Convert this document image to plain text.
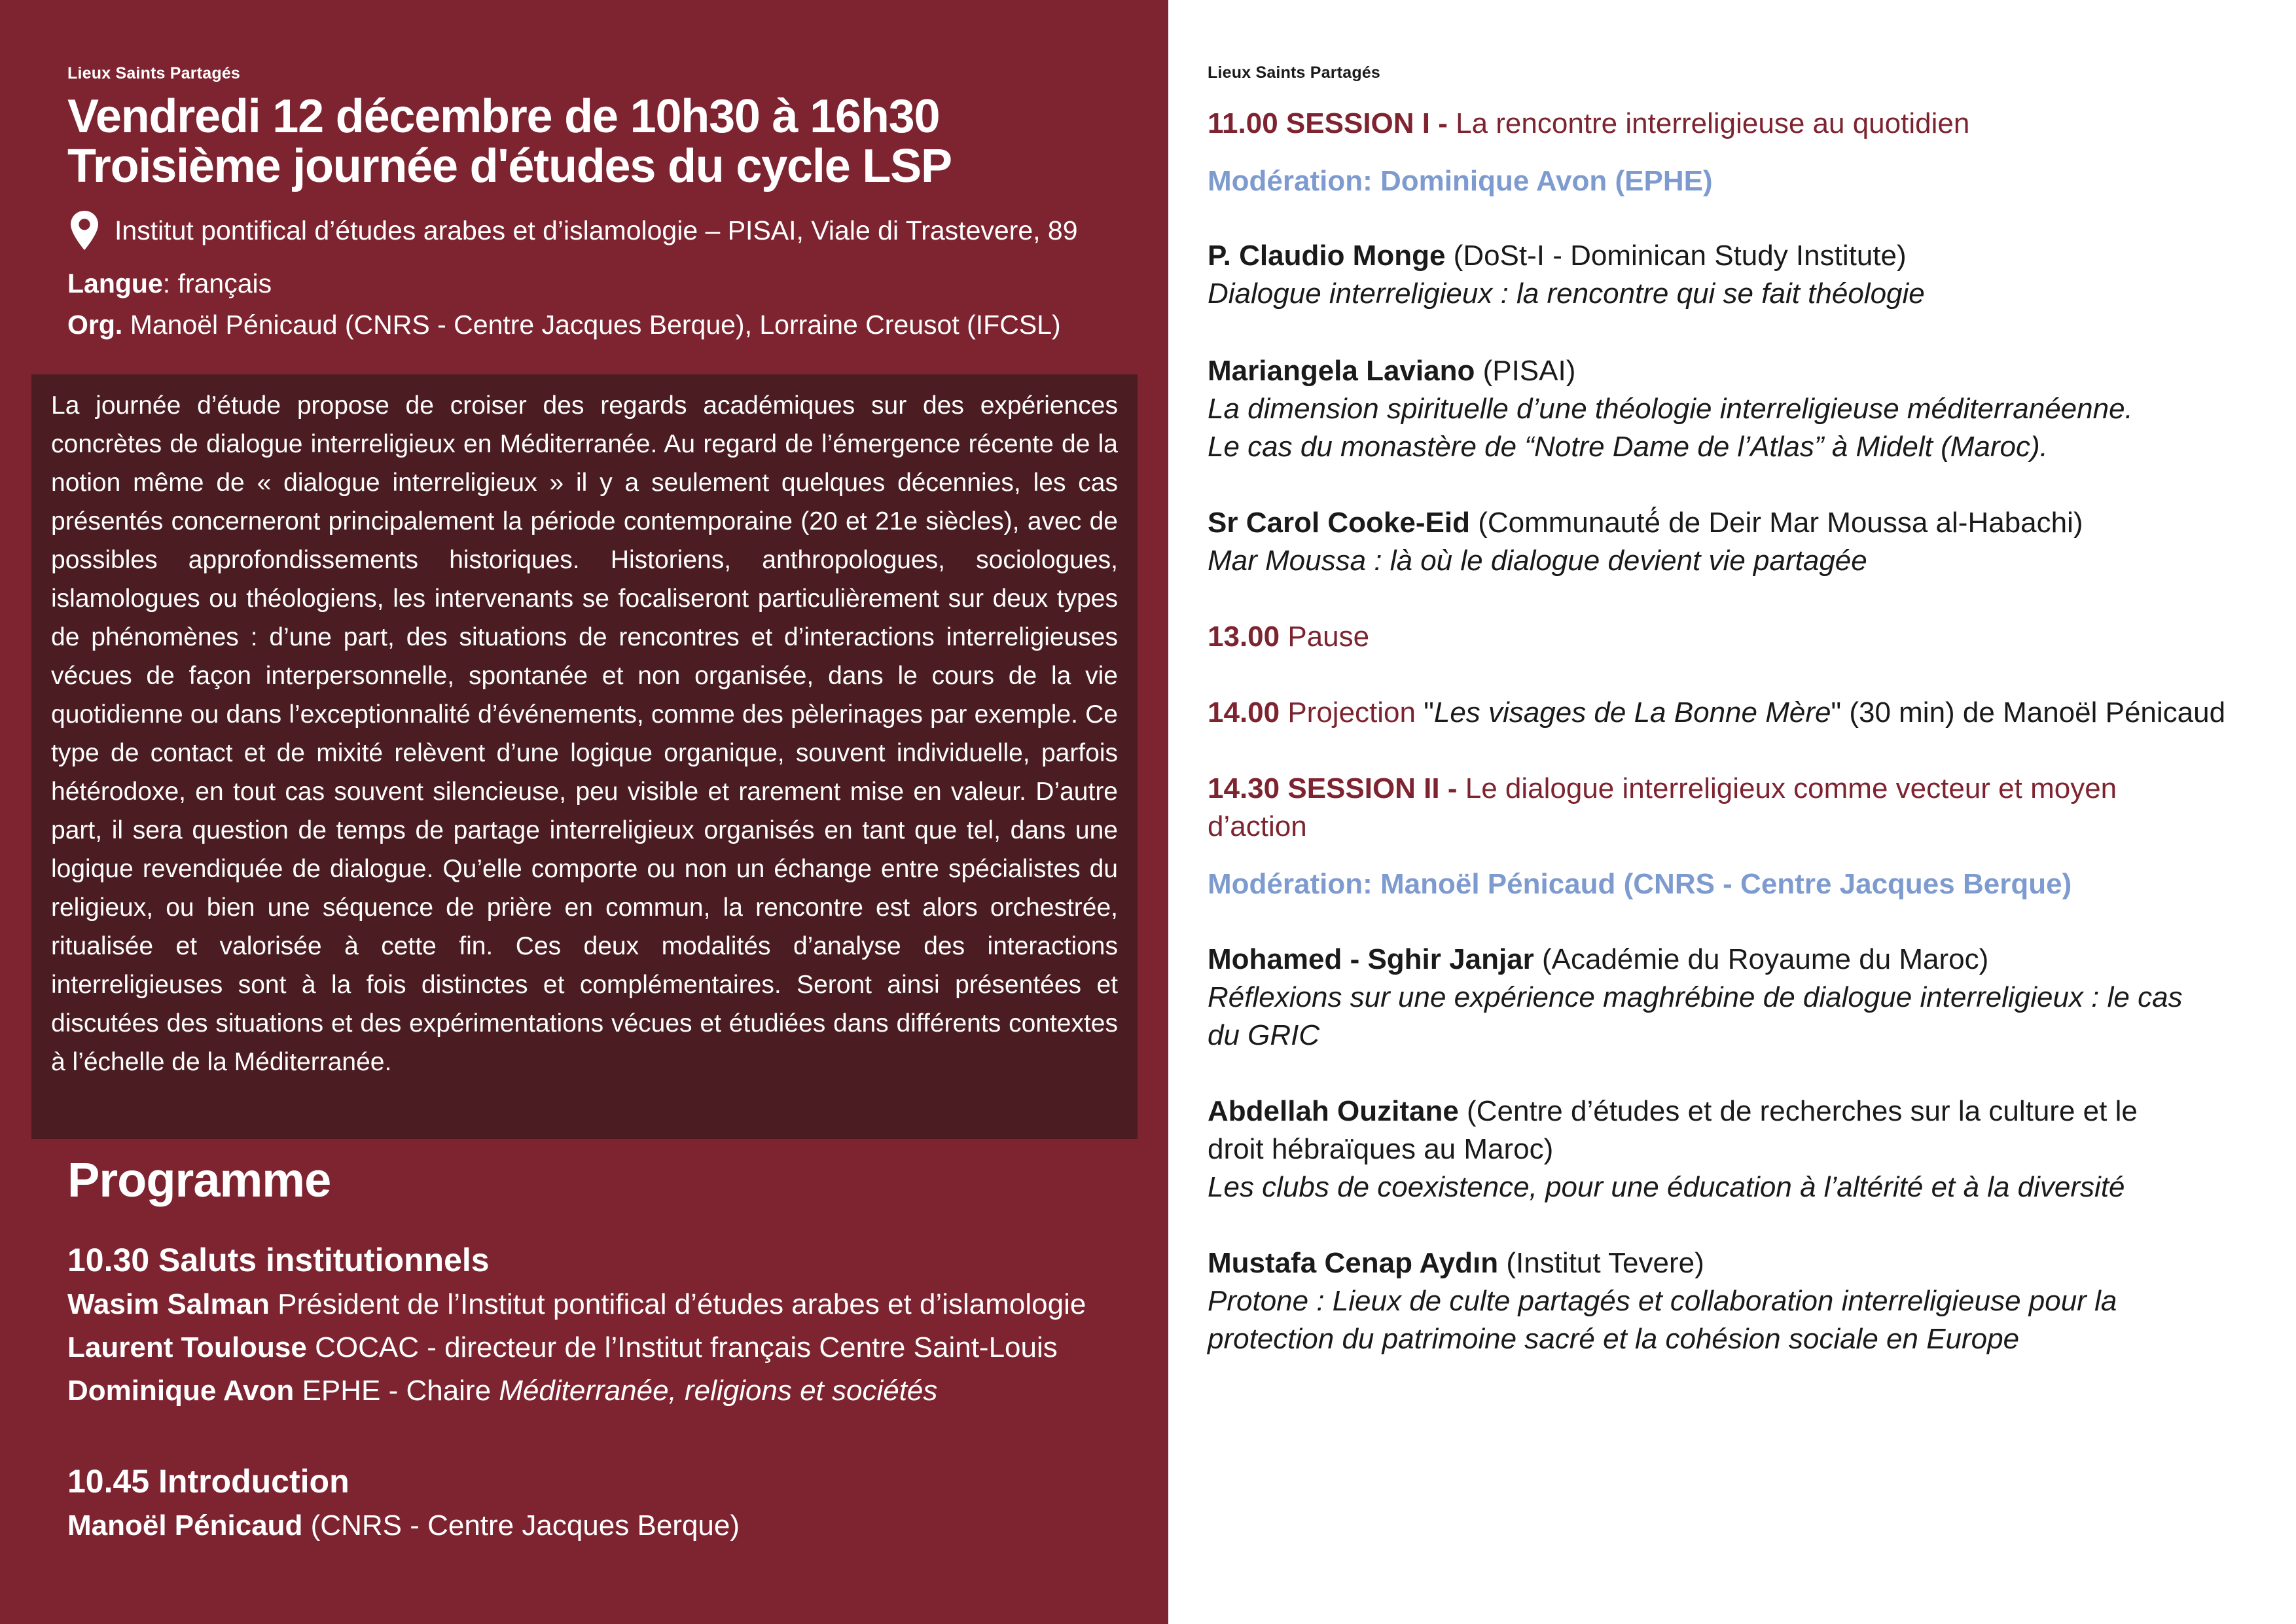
Lieux Saints Partagés
Vendredi 12 décembre de 10h30 à 16h30
Troisième journée d'études du cycle LSP
Institut pontifical d’études arabes et d’islamologie – PISAI, Viale di Trastevere, 89
Langue: français
Org. Manoël Pénicaud (CNRS - Centre Jacques Berque), Lorraine Creusot (IFCSL)

La journée d’étude propose de croiser des regards académiques sur des expériences concrètes de dialogue interreligieux en Méditerranée. Au regard de l’émergence récente de la notion même de « dialogue interreligieux » il y a seulement quelques décennies, les cas présentés concerneront principalement la période contemporaine (20 et 21e siècles), avec de possibles approfondissements historiques. Historiens, anthropologues, sociologues, islamologues ou théologiens, les intervenants se focaliseront particulièrement sur deux types de phénomènes : d’une part, des situations de rencontres et d’interactions interreligieuses vécues de façon interpersonnelle, spontanée et non organisée, dans le cours de la vie quotidienne ou dans l’exceptionnalité d’événements, comme des pèlerinages par exemple. Ce type de contact et de mixité relèvent d’une logique organique, souvent individuelle, parfois hétérodoxe, en tout cas souvent silencieuse, peu visible et rarement mise en valeur. D’autre part, il sera question de temps de partage interreligieux organisés en tant que tel, dans une logique revendiquée de dialogue. Qu’elle comporte ou non un échange entre spécialistes du religieux, ou bien une séquence de prière en commun, la rencontre est alors orchestrée, ritualisée et valorisée à cette fin. Ces deux modalités d’analyse des interactions interreligieuses sont à la fois distinctes et complémentaires. Seront ainsi présentées et discutées des situations et des expérimentations vécues et étudiées dans différents contextes à l’échelle de la Méditerranée.

Programme
10.30 Saluts institutionnels
Wasim Salman Président de l’Institut pontifical d’études arabes et d’islamologie
Laurent Toulouse COCAC - directeur de l’Institut français Centre Saint-Louis
Dominique Avon EPHE - Chaire Méditerranée, religions et sociétés
10.45 Introduction
Manoël Pénicaud (CNRS - Centre Jacques Berque)
Lieux Saints Partagés
11.00 SESSION I - La rencontre interreligieuse au quotidien
Modération: Dominique Avon (EPHE)
P. Claudio Monge (DoSt-I - Dominican Study Institute)
Dialogue interreligieux : la rencontre qui se fait théologie
Mariangela Laviano (PISAI)
La dimension spirituelle d’une théologie interreligieuse méditerranéenne.
Le cas du monastère de “Notre Dame de l’Atlas” à Midelt (Maroc).
Sr Carol Cooke-Eid (Communauté́ de Deir Mar Moussa al-Habachi)
Mar Moussa : là où le dialogue devient vie partagée
13.00 Pause
14.00 Projection "Les visages de La Bonne Mère" (30 min) de Manoël Pénicaud
14.30 SESSION II - Le dialogue interreligieux comme vecteur et moyen
d’action
Modération: Manoël Pénicaud (CNRS - Centre Jacques Berque)
Mohamed - Sghir Janjar (Académie du Royaume du Maroc)
Réflexions sur une expérience maghrébine de dialogue interreligieux : le cas
du GRIC
Abdellah Ouzitane (Centre d’études et de recherches sur la culture et le
droit hébraïques au Maroc)
Les clubs de coexistence, pour une éducation à l’altérité et à la diversité
Mustafa Cenap Aydın (Institut Tevere)
Protone : Lieux de culte partagés et collaboration interreligieuse pour la
protection du patrimoine sacré et la cohésion sociale en Europe
